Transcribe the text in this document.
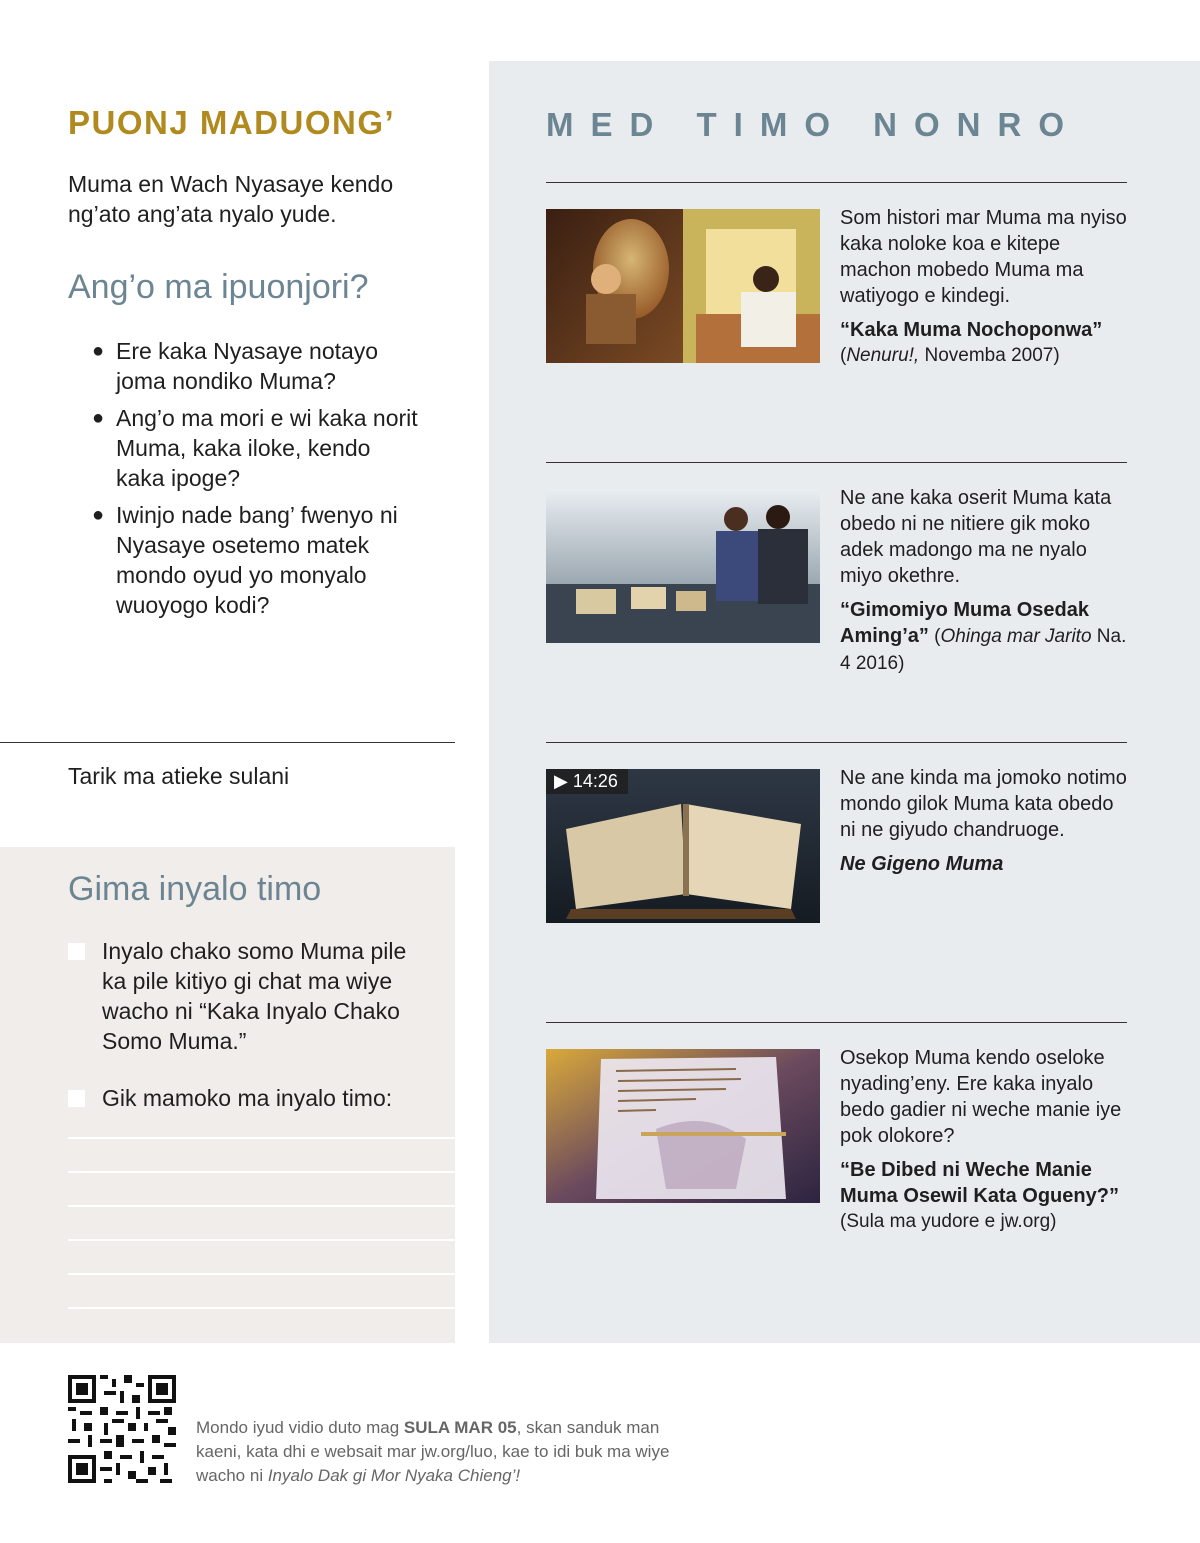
PUONJ MADUONG’
Muma en Wach Nyasaye kendo ng’ato ang’ata nyalo yude.
Ang’o ma ipuonjori?
● Ere kaka Nyasaye notayo joma nondiko Muma?
● Ang’o ma mori e wi kaka norit Muma, kaka iloke, kendo kaka ipoge?
● Iwinjo nade bang’ fwenyo ni Nyasaye osetemo matek mondo oyud yo monyalo wuoyogo kodi?
Tarik ma atieke sulani
Gima inyalo timo
Inyalo chako somo Muma pile ka pile kitiyo gi chat ma wiye wacho ni “Kaka Inyalo Chako Somo Muma.”
Gik mamoko ma inyalo timo:
MED TIMO NONRO

Som histori mar Muma ma nyiso kaka noloke koa e kitepe machon mobedo Muma ma watiyogo e kindegi.

“Kaka Muma Nochoponwa”
(Nenuru!, Novemba 2007)

Ne ane kaka oserit Muma kata obedo ni ne nitiere gik moko adek madongo ma ne nyalo miyo okethre.

“Gimomiyo Muma Osedak Aming’a” (Ohinga mar Jarito Na. 4 2016)
▶ 14:26	Ne ane kinda ma jomoko notimo mondo gilok Muma kata obedo ni ne giyudo chandruoge.

Ne Gigeno Muma

Osekop Muma kendo oseloke nyading’eny. Ere kaka inyalo bedo gadier ni weche manie iye pok olokore?

“Be Dibed ni Weche Manie Muma Osewil Kata Ogueny?”
(Sula ma yudore e jw.org)
Mondo iyud vidio duto mag SULA MAR 05, skan sanduk man kaeni, kata dhi e websait mar jw.org/luo, kae to idi buk ma wiye wacho ni Inyalo Dak gi Mor Nyaka Chieng’!
